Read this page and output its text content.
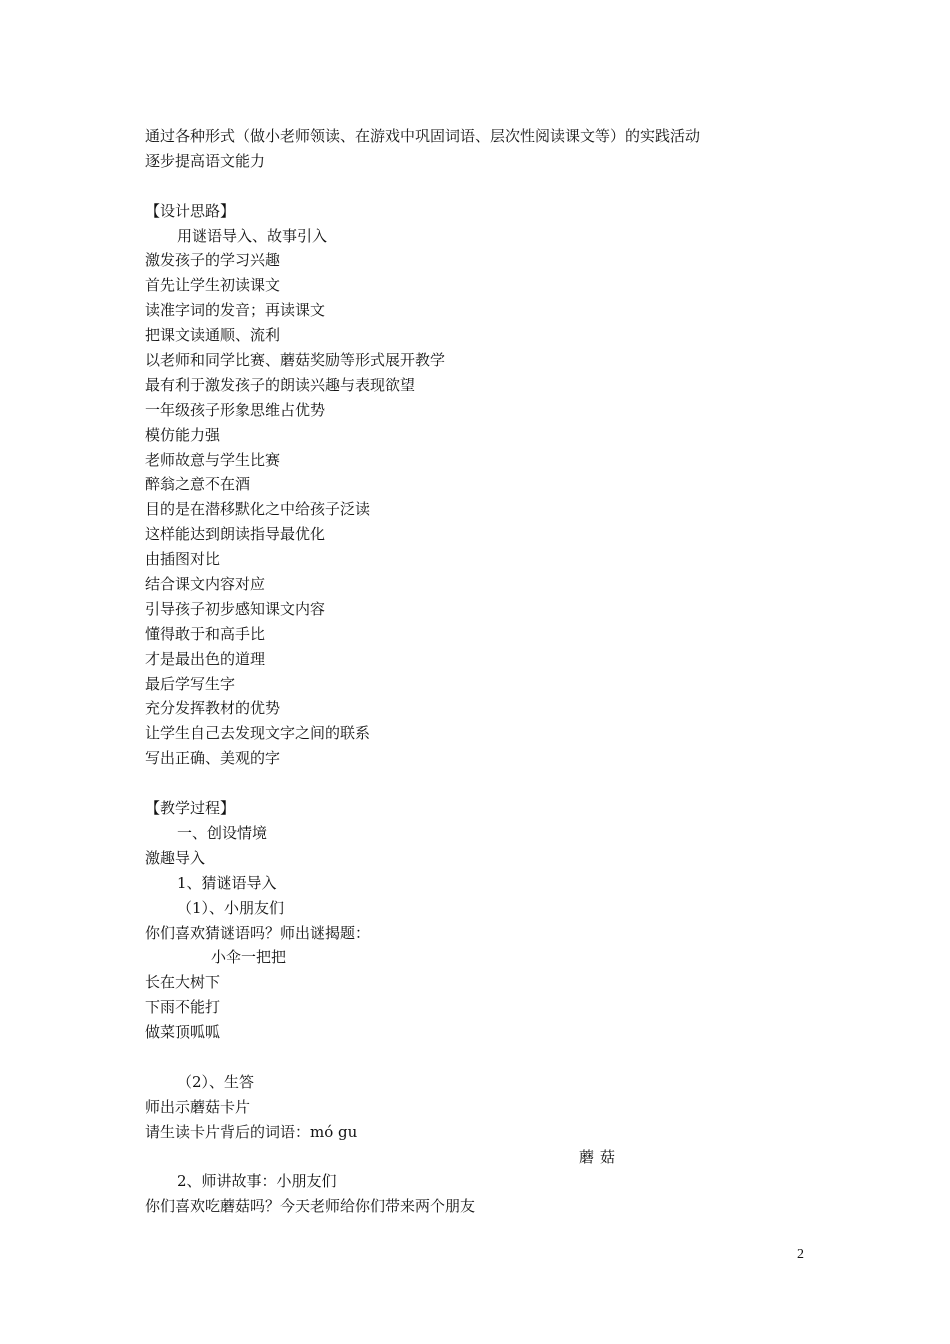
通过各种形式（做小老师领读、在游戏中巩固词语、层次性阅读课文等）的实践活动
逐步提高语文能力
【设计思路】
用谜语导入、故事引入
激发孩子的学习兴趣
首先让学生初读课文
读准字词的发音；再读课文
把课文读通顺、流利
以老师和同学比赛、蘑菇奖励等形式展开教学
最有利于激发孩子的朗读兴趣与表现欲望
一年级孩子形象思维占优势
模仿能力强
老师故意与学生比赛
醉翁之意不在酒
目的是在潜移默化之中给孩子泛读
这样能达到朗读指导最优化
由插图对比
结合课文内容对应
引导孩子初步感知课文内容
懂得敢于和高手比
才是最出色的道理
最后学写生字
充分发挥教材的优势
让学生自己去发现文字之间的联系
写出正确、美观的字
【教学过程】
一、创设情境
激趣导入
1、猜谜语导入
（1）、小朋友们
你们喜欢猜谜语吗？师出谜揭题：
小伞一把把
长在大树下
下雨不能打
做菜顶呱呱
（2）、生答
师出示蘑菇卡片
请生读卡片背后的词语：mó gu
蘑菇
2、师讲故事：小朋友们
你们喜欢吃蘑菇吗？今天老师给你们带来两个朋友
2
